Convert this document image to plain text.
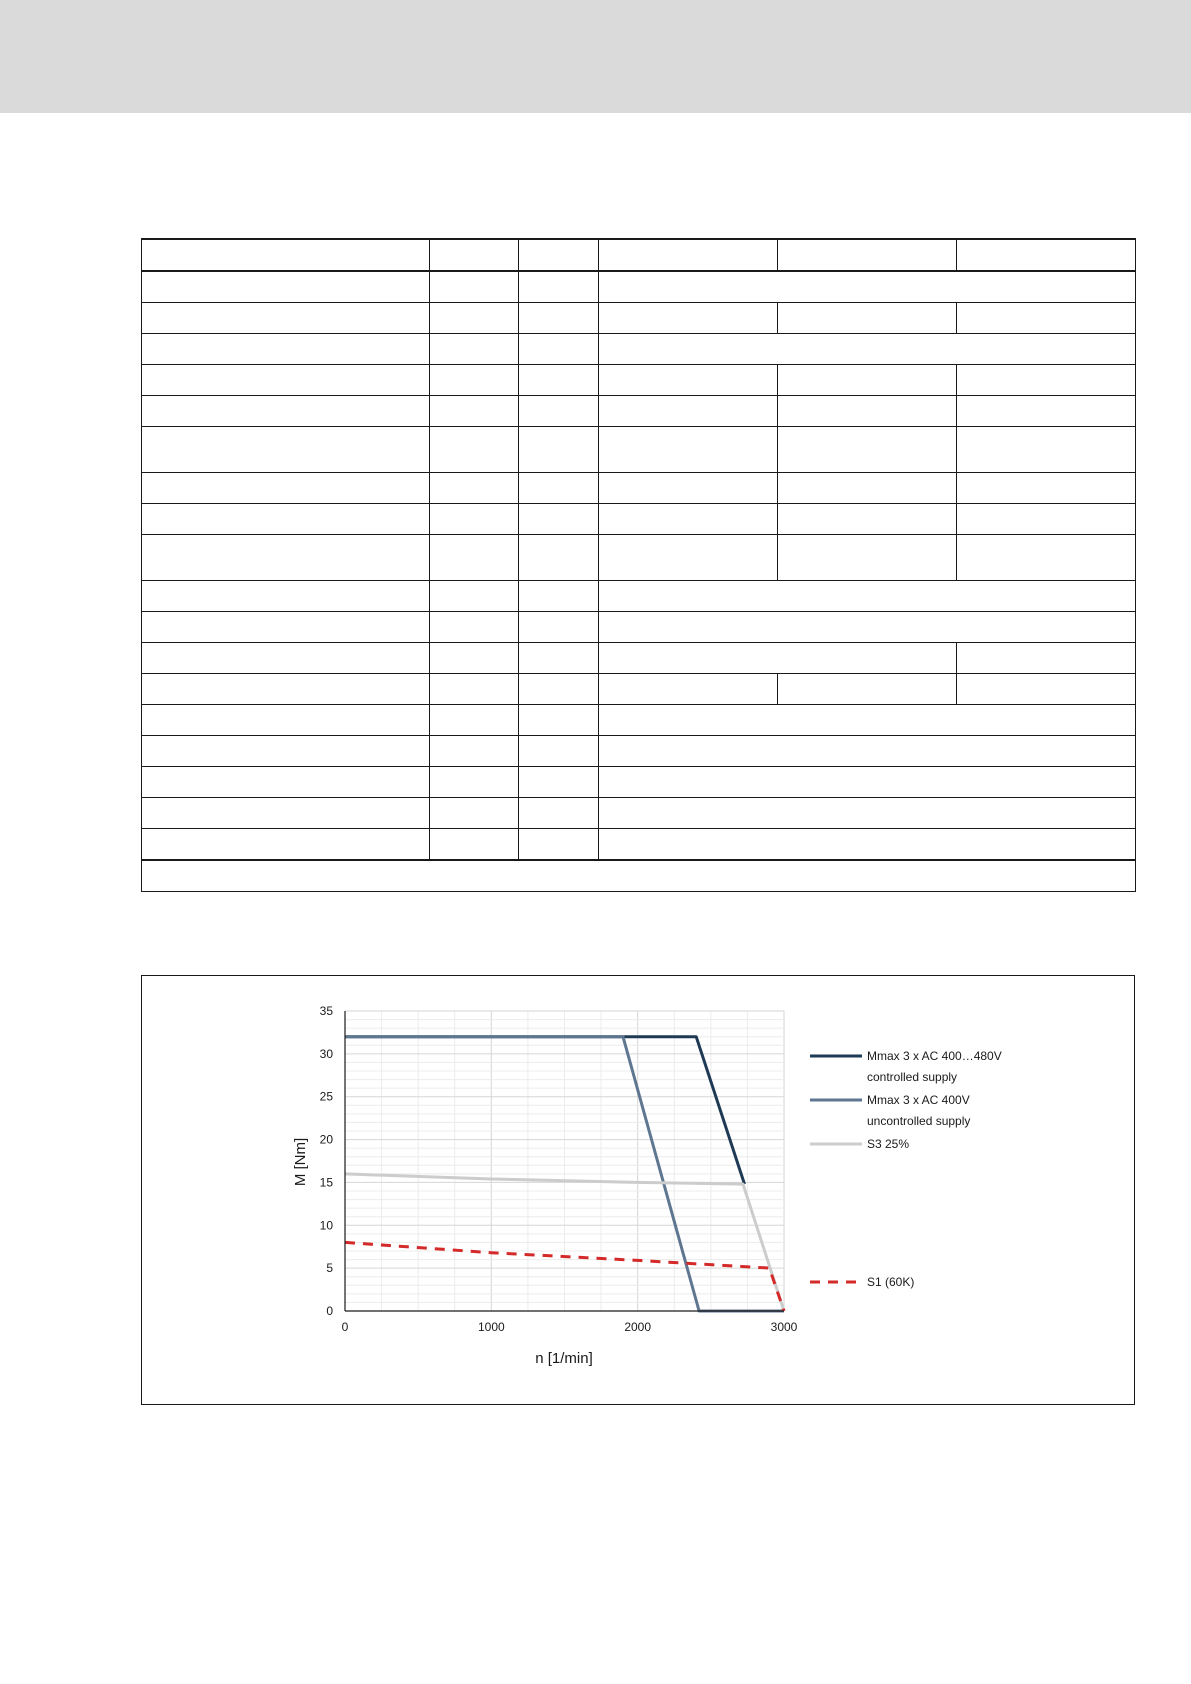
0
5
10
15
20
25
30
35
0	1000	2000	3000
Mmax 3 x AC 400…480V
controlled supply
Mmax 3 x AC 400V
uncontrolled supply
S3 25%
S1 (60K)
n [1/min]
M [Nm]
